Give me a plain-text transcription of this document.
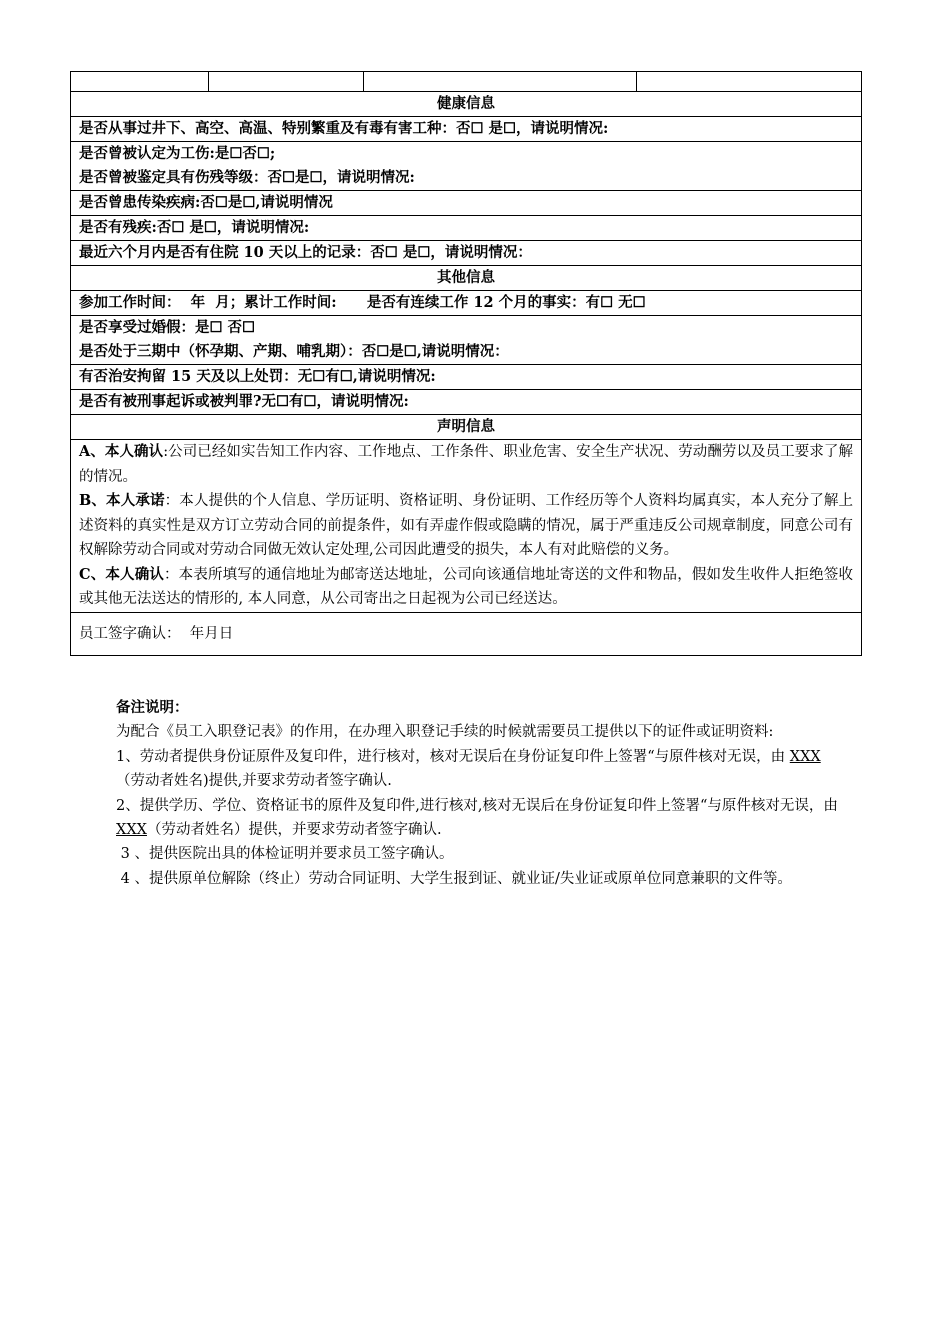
健康信息
是否从事过井下、高空、高温、特别繁重及有毒有害工种：否☐ 是☐，请说明情况:

是否曾被认定为工伤:是☐否☐;
是否曾被鉴定具有伤残等级：否☐是☐，请说明情况:

是否曾患传染疾病:否☐是☐,请说明情况
是否有残疾:否☐ 是☐，请说明情况:
最近六个月内是否有住院 10 天以上的记录：否☐ 是☐，请说明情况：
其他信息
参加工作时间：  年  月；累计工作时间:      是否有连续工作 12 个月的事实：有☐ 无☐

是否享受过婚假：是☐ 否☐
是否处于三期中（怀孕期、产期、哺乳期）：否☐是☐,请说明情况：

有否治安拘留 15 天及以上处罚：无☐有☐,请说明情况:
是否有被刑事起诉或被判罪?无☐有☐，请说明情况:
声明信息

A、本人确认:公司已经如实告知工作内容、工作地点、工作条件、职业危害、安全生产状况、劳动酬劳以及员工要求了解的情况。

B、本人承诺：本人提供的个人信息、学历证明、资格证明、身份证明、工作经历等个人资料均属真实，本人充分了解上述资料的真实性是双方订立劳动合同的前提条件，如有弄虚作假或隐瞒的情况，属于严重违反公司规章制度，同意公司有权解除劳动合同或对劳动合同做无效认定处理,公司因此遭受的损失，本人有对此赔偿的义务。

C、本人确认：本表所填写的通信地址为邮寄送达地址，公司向该通信地址寄送的文件和物品，假如发生收件人拒绝签收或其他无法送达的情形的, 本人同意，从公司寄出之日起视为公司已经送达。

员工签字确认：  年月日

备注说明：

为配合《员工入职登记表》的作用，在办理入职登记手续的时候就需要员工提供以下的证件或证明资料:

1、劳动者提供身份证原件及复印件，进行核对，核对无误后在身份证复印件上签署“与原件核对无误，由 XXX（劳动者姓名)提供,并要求劳动者签字确认.

2、提供学历、学位、资格证书的原件及复印件,进行核对,核对无误后在身份证复印件上签署“与原件核对无误，由 XXX（劳动者姓名）提供，并要求劳动者签字确认.

3 、提供医院出具的体检证明并要求员工签字确认。

4 、提供原单位解除（终止）劳动合同证明、大学生报到证、就业证/失业证或原单位同意兼职的文件等。
